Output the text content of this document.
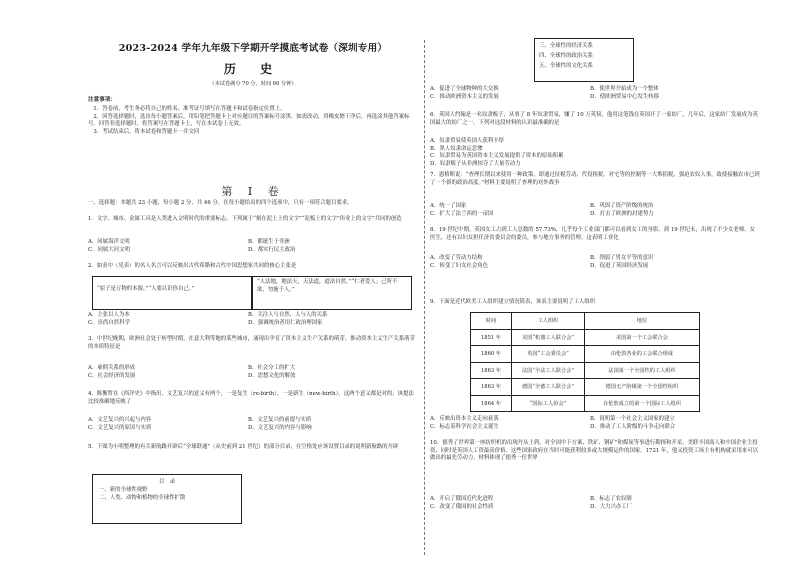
2023-2024 学年九年级下学期开学摸底考试卷（深圳专用）
历 史
（本试卷满分 70 分，时间 60 分钟）
注意事项：
1．答卷前，考生务必将自己的姓名、准考证号填写在答题卡和试卷指定位置上。
2．回答选择题时，选出每小题答案后，用铅笔把答题卡上对应题目的答案标号涂黑。如需改动，用橡皮擦干净后，再选涂其他答案标号。回答非选择题时，将答案写在答题卡上，写在本试卷上无效。
3．考试结束后，将本试卷和答题卡一并交回
第 Ⅰ 卷
一、选择题：本题共 23 小题，每小题 2 分，共 46 分。在每小题给出的四个选项中，只有一项符合题目要求。
1．文字、城市、金属工具是人类进入文明时代的重要标志。下列属于“刻在泥土上的文字”“泥板上的文字”伟业上的文字”共同的创造
A．同属海洋文明	B．都诞生于非洲
C．同属大河文明	D．都实行民主政治
2．如表中（见表）的名人名言可以反映出古代希腊和古代中国思想家共同的核心主张是
“原子是万物的本源。”“人要认识你自己。”
“人法地，地法天，天法道，道法自然。”“仁者爱人；己所不欲，勿施于人。”
A．主张以人为本	B．关注人与自然、人与人的关系
C．崇尚自然科学	D．强调统治者用仁政治理国家
3．中世纪晚期，欧洲社会处于转型时期，在意大利等地的某些城市，涌现出孕育了资本主义生产关系的萌芽。推动资本主义生产关系萌芽的本质特征是
A．雇佣关系的形成	B．社会分工的扩大
C．社会经济的发展	D．思想文化的解放
4．陈衡哲在《西洋史》中指出，文艺复兴的意义有两个，一是复生（re-birth），一是新生（new-birth）。这两个意义都是对的。该提法比较准确地反映了
A．文艺复兴的兴起与内容	B．文艺复兴的前提与实质
C．文艺复兴的原因与实质	D．文艺复兴的内容与影响
5．下图为小明整理的有关新航路开辟后“全球联通”（从史前到 21 世纪）的部分目录，在空格处应该设置目录的说明新航路的开辟
目　录
一、新的全球性视野
二、人类、动物和植物的全球性扩散
三、全球性的经济关系
四、全球性的政治关系
五、全球性的文化关系
A．促进了全球物种的大交换	B．使世界开始成为一个整体
C．推动欧洲资本主义的发展	D．使欧洲贸易中心发生转移
6．英国人约翰是一名奴隶贩子，从事了 8 年奴隶贸易，赚了 10 万英镑，他用这笔钱在英国开了一家纺厂，几年后，这家纺厂发展成为英国最大的纺厂之一，下列对这段材料的认识最准确的是
A．奴隶贸易使英国人获利丰厚
B．黑人奴隶命运悲惨
C．奴隶贸易为英国资本主义发展提供了资本的原始积累
D．奴隶贩子从非洲掠夺了大量劳动力
7．恩格斯说：“查理长期以来使用一种政策，即通过征税劳动、代役租税、对宅等的控制等一大堆捐税，强迫农奴人事，致使接触农市已到了一个新的政治高度。”材料主要说明了查理的对外战争
A．统一了国家	B．巩固了资产阶级的统治
C．扩大了法兰西的一帝国	D．打击了欧洲的封建势力
8．19 世纪中期，英国女工占到工人总数的 57.73%，几乎每个工业部门都可以看到女工的身影。到 19 世纪末，出现了不少女老师、女医生，还有以妇女担任济贫委员会的委员，参与地方事务的管理。这表明工业化
A．改变了劳动力结构	B．削弱了男女平等的意识
C．转变了妇女社会角色	D．促进了英国经济发展
9．下面是近代欧美工人组织建立情况简表，该表主要说明了工人组织
时间	工人组织	地位
1851 年	美国“机器工人联合会”	美国第一个工会联合会
1860 年	英国“工会委员会”	由伦敦各业的工会联合组成
1863 年	法国“全法工人联合会”	法国第一个全国性的工人组织
1863 年	德国“全德工人联合会”	德国无产阶级第一个全国性组织
1864 年	“国际工人协会”	在伦敦成立的第一个国际工人组织
A．反映出资本主义走向衰落	B．说明第一个社会主义国家的建立
C．标志着科学社会主义诞生	D．推动了工人阶级的斗争走向联合
10．德秀了世界第一座纺织机的出现丹从土到，对全国中下方案、铁矿、钢矿”和煤炭等事进行勘探和开采。美联丰国商人和中国企业主投资，同时是英国人工资最高价格。这些国家政府在当时可能获利较多或大规模运作的国家。1721 年，他又投资工场主有机构就采用来可以做出的最先劳动力，材料体现了德秀一位世界
A．开启了俄国近代化进程	B．标志了农奴制
C．改变了俄国的社会性质	D．大力兴办工厂
